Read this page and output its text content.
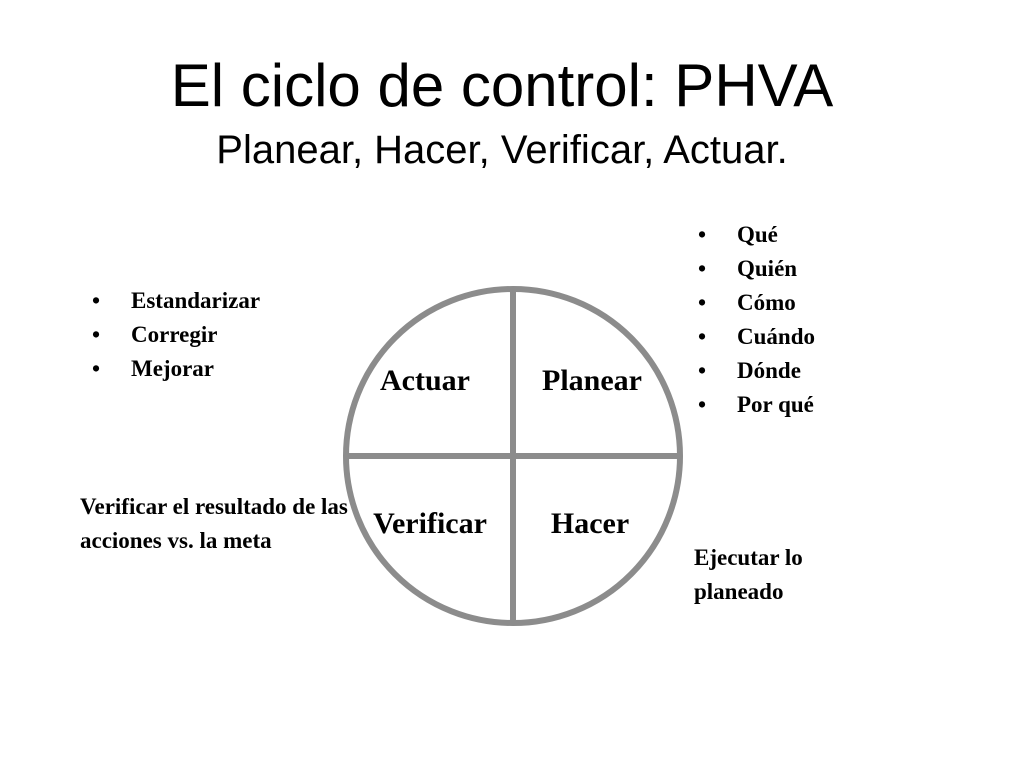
El ciclo de control: PHVA
Planear, Hacer, Verificar, Actuar.
• Estandarizar
• Corregir
• Mejorar
• Qué
• Quién
• Cómo
• Cuándo
• Dónde
• Por qué

Verificar el resultado de las acciones vs. la meta

Ejecutar lo planeado

Actuar Planear
Verificar Hacer
